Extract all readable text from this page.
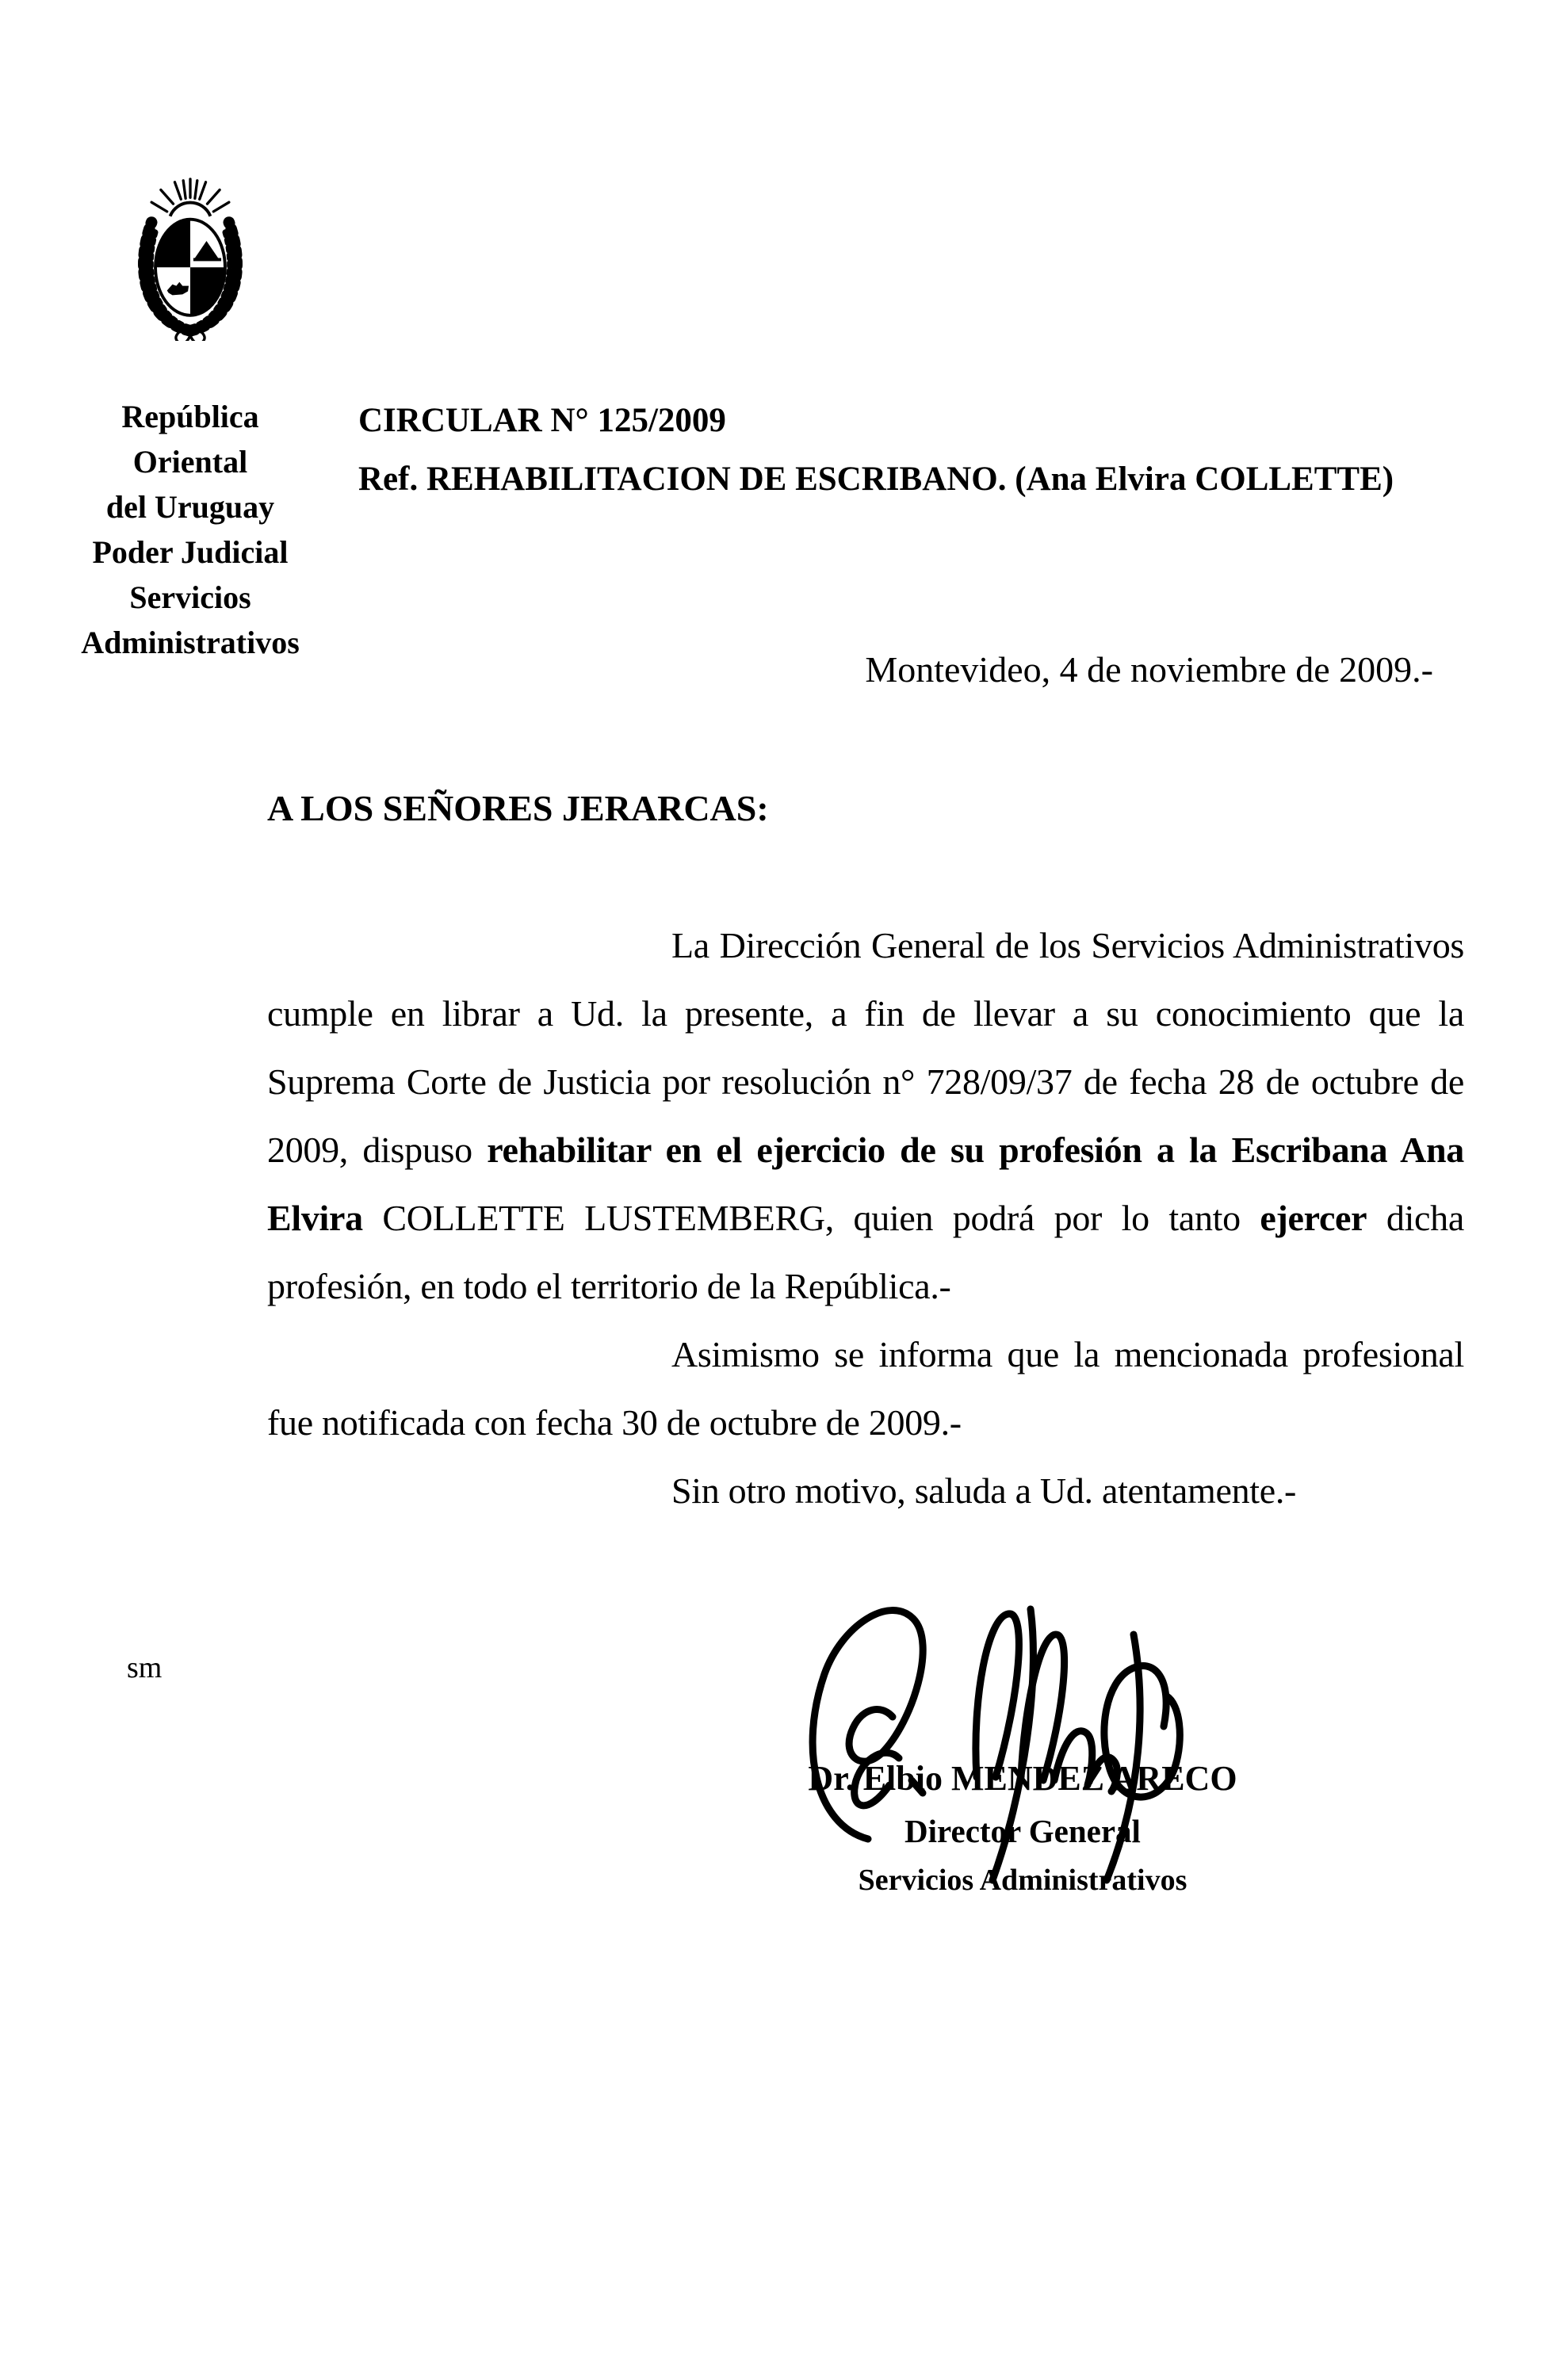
República
Oriental
del Uruguay
Poder Judicial
Servicios
Administrativos
CIRCULAR N° 125/2009
Ref. REHABILITACION DE ESCRIBANO. (Ana Elvira COLLETTE)
Montevideo, 4 de noviembre de 2009.-
A LOS SEÑORES JERARCAS:

La Dirección General de los Servicios Administrativos cumple en librar a Ud. la presente, a fin de llevar a su conocimiento que la Suprema Corte de Justicia por resolución n° 728/09/37 de fecha 28 de octubre de 2009, dispuso rehabilitar en el ejercicio de su profesión a la Escribana Ana Elvira COLLETTE LUSTEMBERG, quien podrá por lo tanto ejercer dicha profesión, en todo el territorio de la República.-

Asimismo se informa que la mencionada profesional fue notificada con fecha 30 de octubre de 2009.-

Sin otro motivo, saluda a Ud. atentamente.-

sm
Dr. Elbio MENDEZ ARECO
Director General
Servicios Administrativos
